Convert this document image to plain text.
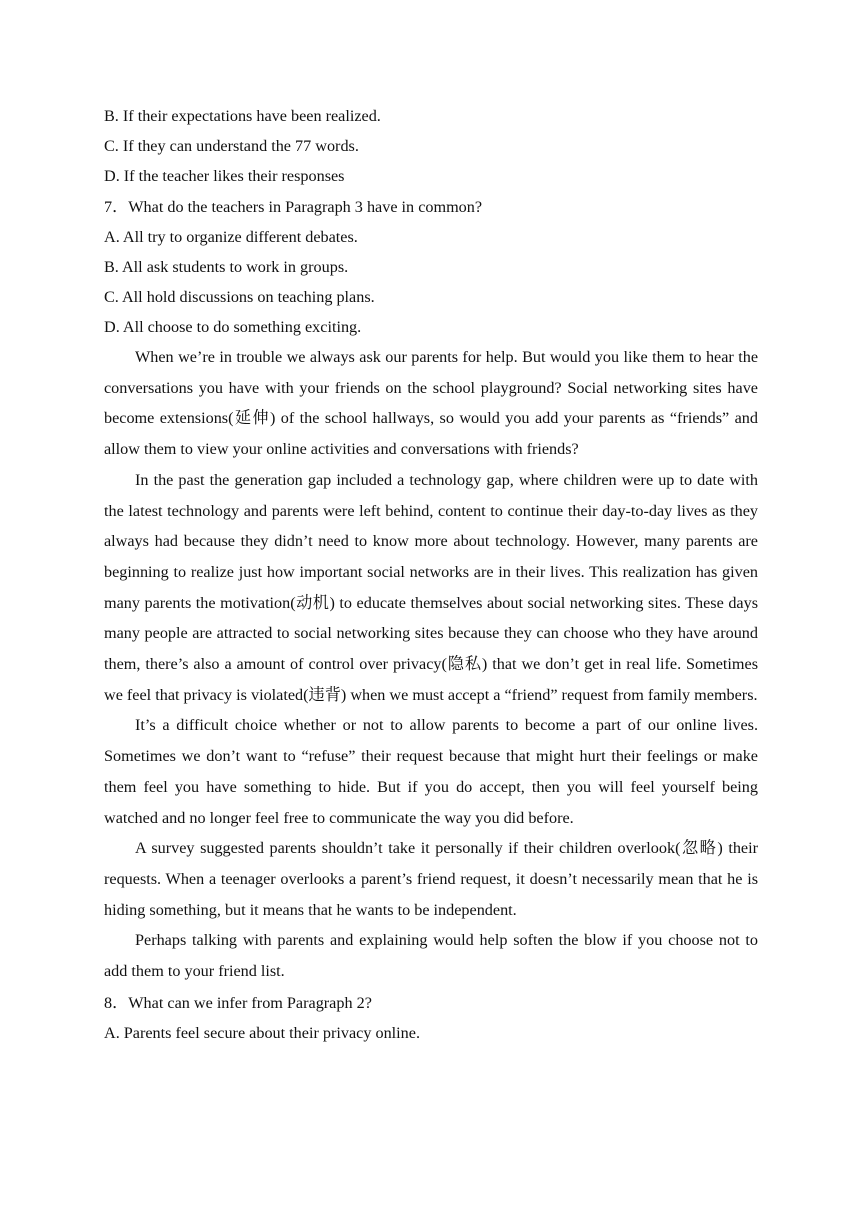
B. If their expectations have been realized.
C. If they can understand the 77 words.
D. If the teacher likes their responses
7．What do the teachers in Paragraph 3 have in common?
A. All try to organize different debates.
B. All ask students to work in groups.
C. All hold discussions on teaching plans.
D. All choose to do something exciting.

When we’re in trouble we always ask our parents for help. But would you like them to hear the conversations you have with your friends on the school playground? Social networking sites have become extensions(延伸) of the school hallways, so would you add your parents as “friends” and allow them to view your online activities and conversations with friends?

In the past the generation gap included a technology gap, where children were up to date with the latest technology and parents were left behind, content to continue their day-to-day lives as they always had because they didn’t need to know more about technology. However, many parents are beginning to realize just how important social networks are in their lives. This realization has given many parents the motivation(动机) to educate themselves about social networking sites. These days many people are attracted to social networking sites because they can choose who they have around them, there’s also a amount of control over privacy(隐私) that we don’t get in real life. Sometimes we feel that privacy is violated(违背) when we must accept a “friend” request from family members.

It’s a difficult choice whether or not to allow parents to become a part of our online lives. Sometimes we don’t want to “refuse” their request because that might hurt their feelings or make them feel you have something to hide. But if you do accept, then you will feel yourself being watched and no longer feel free to communicate the way you did before.

A survey suggested parents shouldn’t take it personally if their children overlook(忽略) their requests. When a teenager overlooks a parent’s friend request, it doesn’t necessarily mean that he is hiding something, but it means that he wants to be independent.

Perhaps talking with parents and explaining would help soften the blow if you choose not to add them to your friend list.

8．What can we infer from Paragraph 2?
A. Parents feel secure about their privacy online.
